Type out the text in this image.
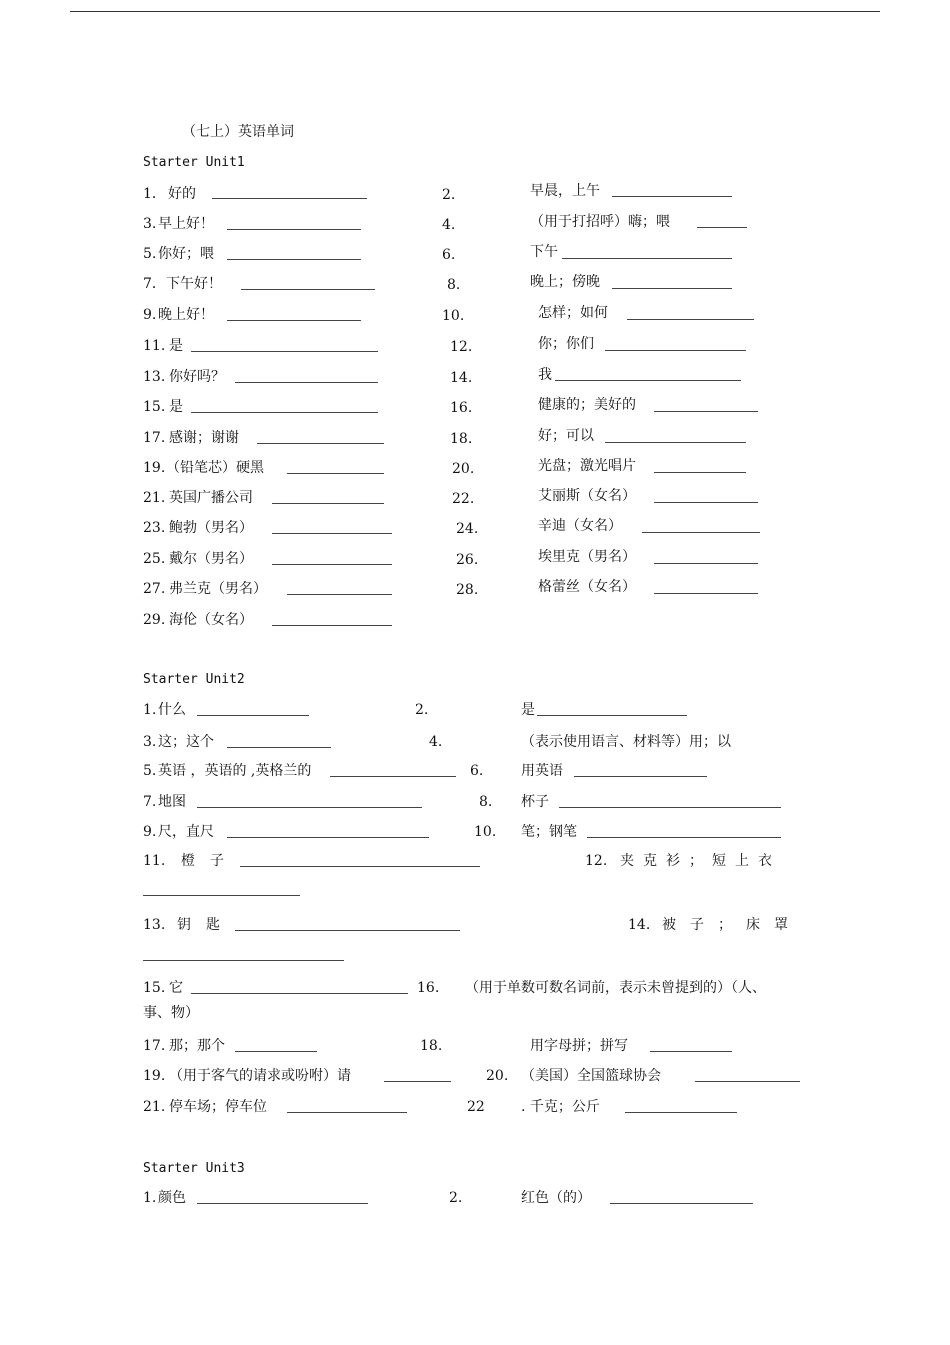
（七上）英语单词
Starter Unit1
1． 好的	2.	早晨，上午
3. 早上好！	4.	（用于打招呼）嗨；喂
5. 你好；喂	6.	下午
7． 下午好！	8.	晚上；傍晚
9. 晚上好！	10.	怎样；如何
11. 是	12.	你；你们
13. 你好吗？	14.	我
15. 是	16.	健康的；美好的
17. 感谢；谢谢	18.	好；可以
19. （铅笔芯）硬黑	20.	光盘；激光唱片
21. 英国广播公司	22.	艾丽斯（女名）
23. 鲍勃（男名）	24.	辛迪（女名）
25. 戴尔（男名）	26.	埃里克（男名）
27. 弗兰克（男名）	28.	格蕾丝（女名）
29. 海伦（女名）
Starter Unit2
1. 什么	2.	是
3. 这；这个	4.	（表示使用语言、材料等）用；以
5. 英语 ，英语的 ,英格兰的	6.	用英语
7. 地图	8. 杯子
9. 尺，直尺	10. 笔；钢笔
11. 橙子	12. 夹克衫；短上衣
13. 钥匙	14. 被子；床罩
15. 它	16. （用于单数可数名词前，表示未曾提到的）（人、
事、物）
17. 那；那个	18.	用字母拼；拼写
19. （用于客气的请求或吩咐）请	20. （美国）全国篮球协会
21. 停车场；停车位	22	. 千克；公斤
Starter Unit3
1. 颜色	2.	红色（的）
